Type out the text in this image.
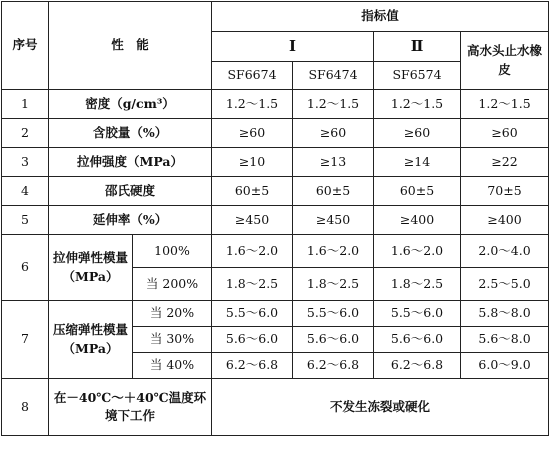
序号	性　能		指标值			
			Ⅰ		Ⅱ	高水头止水橡皮
			SF6674	SF6474	SF6574	
1	密度（g/cm³）		1.2～1.5	1.2～1.5	1.2～1.5	1.2～1.5
2	含胶量（%）		≥60	≥60	≥60	≥60
3	拉伸强度（MPa）		≥10	≥13	≥14	≥22
4	邵氏硬度		60±5	60±5	60±5	70±5
5	延伸率（%）		≥450	≥450	≥400	≥400
6	拉伸弹性模量（MPa）	100%	1.6～2.0	1.6～2.0	1.6～2.0	2.0～4.0
		当 200%	1.8～2.5	1.8～2.5	1.8～2.5	2.5～5.0
7	压缩弹性模量（MPa）	当 20%	5.5～6.0	5.5～6.0	5.5～6.0	5.8～8.0
		当 30%	5.6～6.0	5.6～6.0	5.6～6.0	5.6～8.0
		当 40%	6.2～6.8	6.2～6.8	6.2～6.8	6.0～9.0
8	在－40℃～＋40℃温度环境下工作		不发生冻裂或硬化			
